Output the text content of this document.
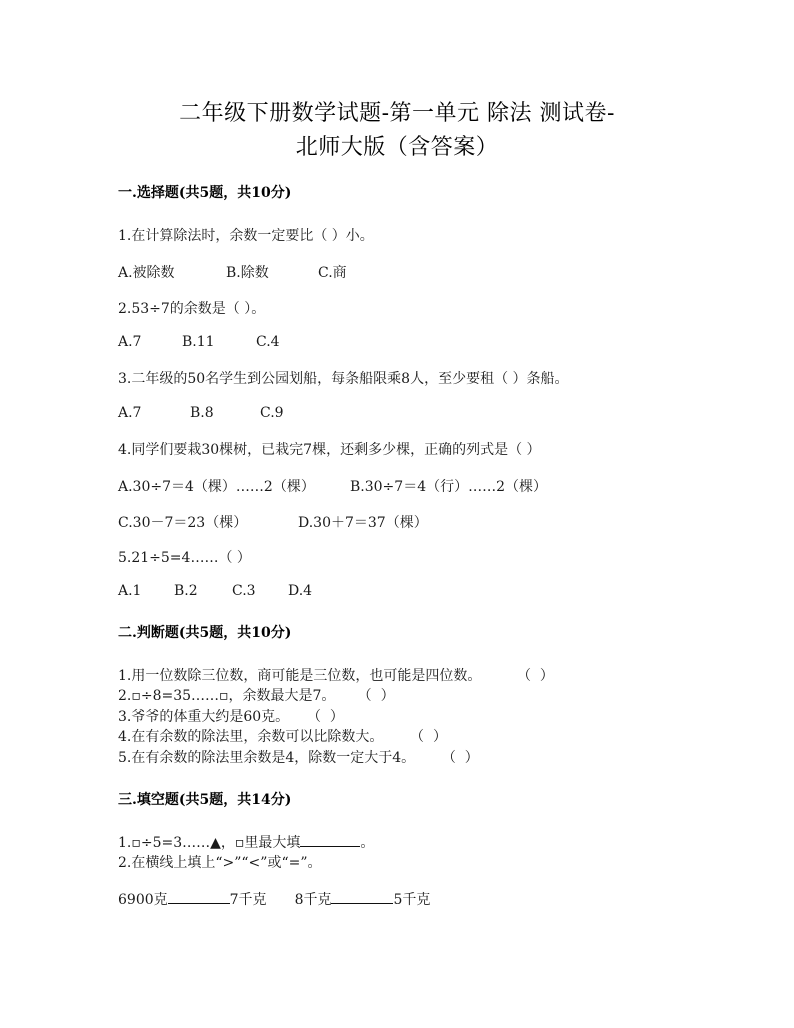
二年级下册数学试题-第一单元 除法 测试卷-
北师大版（含答案）
一.选择题(共5题，共10分)
1.在计算除法时，余数一定要比（ ）小。
A.被除数	B.除数	C.商
2.53÷7的余数是（ ）。
A.7	B.11	C.4
3.二年级的50名学生到公园划船，每条船限乘8人，至少要租（ ）条船。
A.7	B.8	C.9
4.同学们要栽30棵树，已栽完7棵，还剩多少棵，正确的列式是（ ）
A.30÷7＝4（棵）……2（棵）	B.30÷7＝4（行）……2（棵）
C.30－7＝23（棵）	D.30＋7＝37（棵）
5.21÷5=4……（ ）
A.1 B.2 C.3 D.4
二.判断题(共5题，共10分)
1.用一位数除三位数，商可能是三位数，也可能是四位数。        （  ）
2.▫÷8=35……▫，余数最大是7。     （  ）
3.爷爷的体重大约是60克。    （  ）
4.在有余数的除法里，余数可以比除数大。      （  ）
5.在有余数的除法里余数是4，除数一定大于4。      （  ）
三.填空题(共5题，共14分)
1.▫÷5=3……▲，▫里最大填	。
2.在横线上填上“>”“<”或“=”。
6900克	7千克 8千克	5千克
